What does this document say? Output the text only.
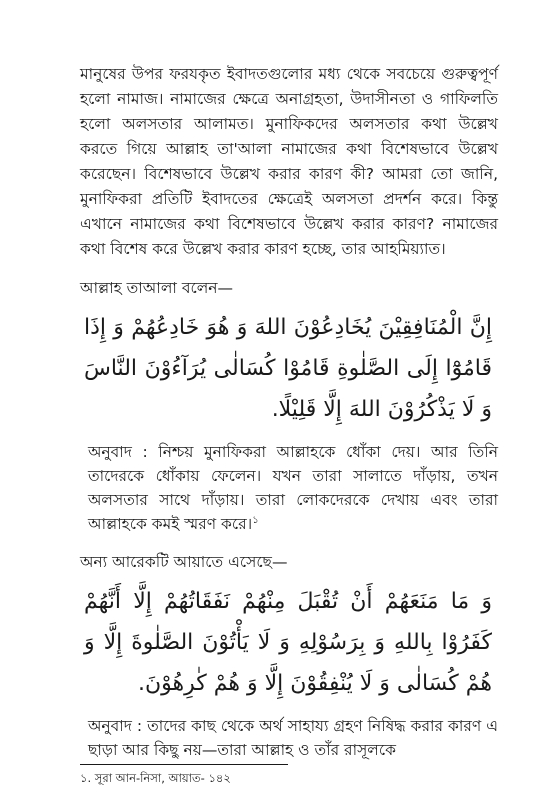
মানুষের উপর ফরযকৃত ইবাদতগুলোর মধ্য থেকে সবচেয়ে গুরুত্বপূর্ণ হলো নামাজ। নামাজের ক্ষেত্রে অনাগ্রহতা, উদাসীনতা ও গাফিলতি হলো অলসতার আলামত। মুনাফিকদের অলসতার কথা উল্লেখ করতে গিয়ে আল্লাহ তা'আলা নামাজের কথা বিশেষভাবে উল্লেখ করেছেন। বিশেষভাবে উল্লেখ করার কারণ কী? আমরা তো জানি, মুনাফিকরা প্রতিটি ইবাদতের ক্ষেত্রেই অলসতা প্রদর্শন করে। কিন্তু এখানে নামাজের কথা বিশেষভাবে উল্লেখ করার কারণ? নামাজের কথা বিশেষ করে উল্লেখ করার কারণ হচ্ছে, তার আহমিয়্যাত।

আল্লাহ তাআলা বলেন—

إِنَّ الْمُنَافِقِيْنَ يُخَادِعُوْنَ اللهَ وَ هُوَ خَادِعُهُمْ وَ إِذَا قَامُوْٓا إِلَى الصَّلٰوةِ قَامُوْا كُسَالٰى يُرَآءُوْنَ النَّاسَ وَ لَا يَذْكُرُوْنَ اللهَ إِلَّا قَلِيْلًا.

অনুবাদ : নিশ্চয় মুনাফিকরা আল্লাহকে ধোঁকা দেয়। আর তিনি তাদেরকে ধোঁকায় ফেলেন। যখন তারা সালাতে দাঁড়ায়, তখন অলসতার সাথে দাঁড়ায়। তারা লোকদেরকে দেখায় এবং তারা আল্লাহকে কমই স্মরণ করে।$^১$

অন্য আরেকটি আয়াতে এসেছে—

وَ مَا مَنَعَهُمْ أَنْ تُقْبَلَ مِنْهُمْ نَفَقَاتُهُمْ إِلَّا أَنَّهُمْ كَفَرُوْا بِاللهِ وَ بِرَسُوْلِهِ وَ لَا يَأْتُوْنَ الصَّلٰوةَ إِلَّا وَ هُمْ كُسَالٰى وَ لَا يُنْفِقُوْنَ إِلَّا وَ هُمْ كٰرِهُوْنَ.

অনুবাদ : তাদের কাছ থেকে অর্থ সাহায্য গ্রহণ নিষিদ্ধ করার কারণ এ ছাড়া আর কিছু নয়—তারা আল্লাহ ও তাঁর রাসূলকে

১. সূরা আন-নিসা, আয়াত- ১৪২
